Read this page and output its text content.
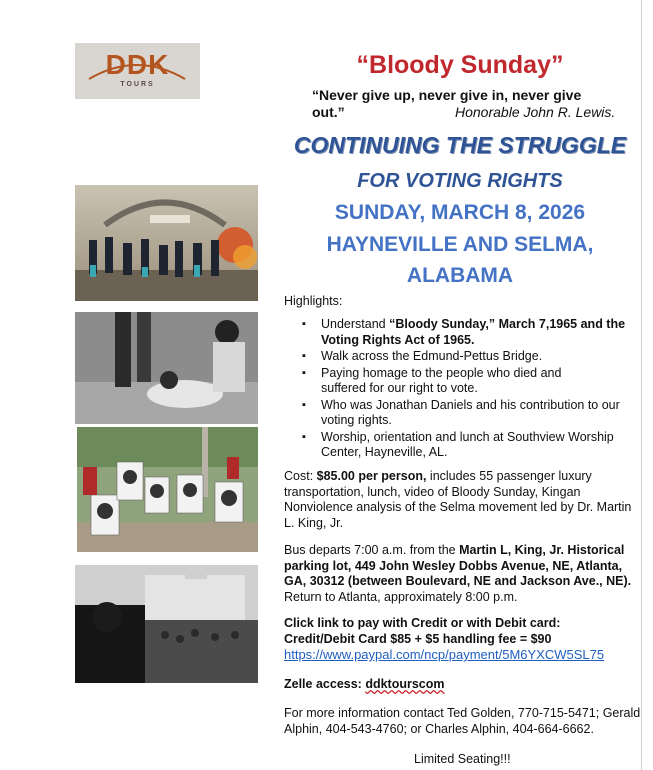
DDK
TOURS
“Bloody Sunday”
“Never give up, never give in, never give
out.”	Honorable John R. Lewis.
CONTINUING THE STRUGGLE
FOR VOTING RIGHTS
SUNDAY, MARCH 8, 2026
HAYNEVILLE AND SELMA,
ALABAMA
Highlights:
▪ Understand “Bloody Sunday,” March 7,1965 and the Voting Rights Act of 1965.
▪ Walk across the Edmund-Pettus Bridge.
▪ Paying homage to the people who died and suffered for our right to vote.
▪ Who was Jonathan Daniels and his contribution to our voting rights.
▪ Worship, orientation and lunch at Southview Worship Center, Hayneville, AL.
Cost: $85.00 per person, includes 55 passenger luxury transportation, lunch, video of Bloody Sunday, Kingan Nonviolence analysis of the Selma movement led by Dr. Martin L. King, Jr.
Bus departs 7:00 a.m. from the Martin L, King, Jr. Historical parking lot, 449 John Wesley Dobbs Avenue, NE, Atlanta, GA, 30312 (between Boulevard, NE and Jackson Ave., NE).
Return to Atlanta, approximately 8:00 p.m.
Click link to pay with Credit or with Debit card:
Credit/Debit Card $85 + $5 handling fee = $90
https://www.paypal.com/ncp/payment/5M6YXCW5SL75
Zelle access: ddktourscom
For more information contact Ted Golden, 770-715-5471; Gerald Alphin, 404-543-4760; or Charles Alphin, 404-664-6662.
Limited Seating!!!
